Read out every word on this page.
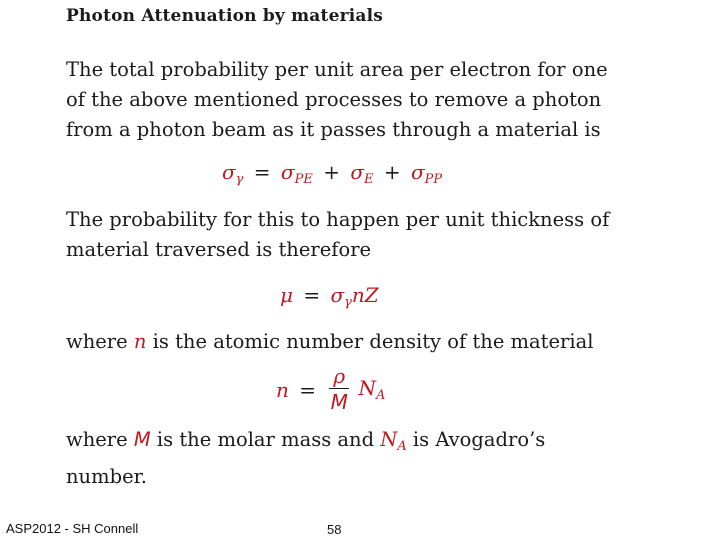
Photon Attenuation by materials
The total probability per unit area per electron for one of the above mentioned processes to remove a photon from a photon beam as it passes through a material is
$\sigma_\gamma = \sigma_{PE} + \sigma_E + \sigma_{PP}$
The probability for this to happen per unit thickness of material traversed is therefore
$\mu = \sigma_\gamma nZ$
where n is the atomic number density of the material
$n = \frac{\rho}{M} N_A$
where M is the molar mass and $N_A$ is Avogadro’s number.
ASP2012 - SH Connell	58
